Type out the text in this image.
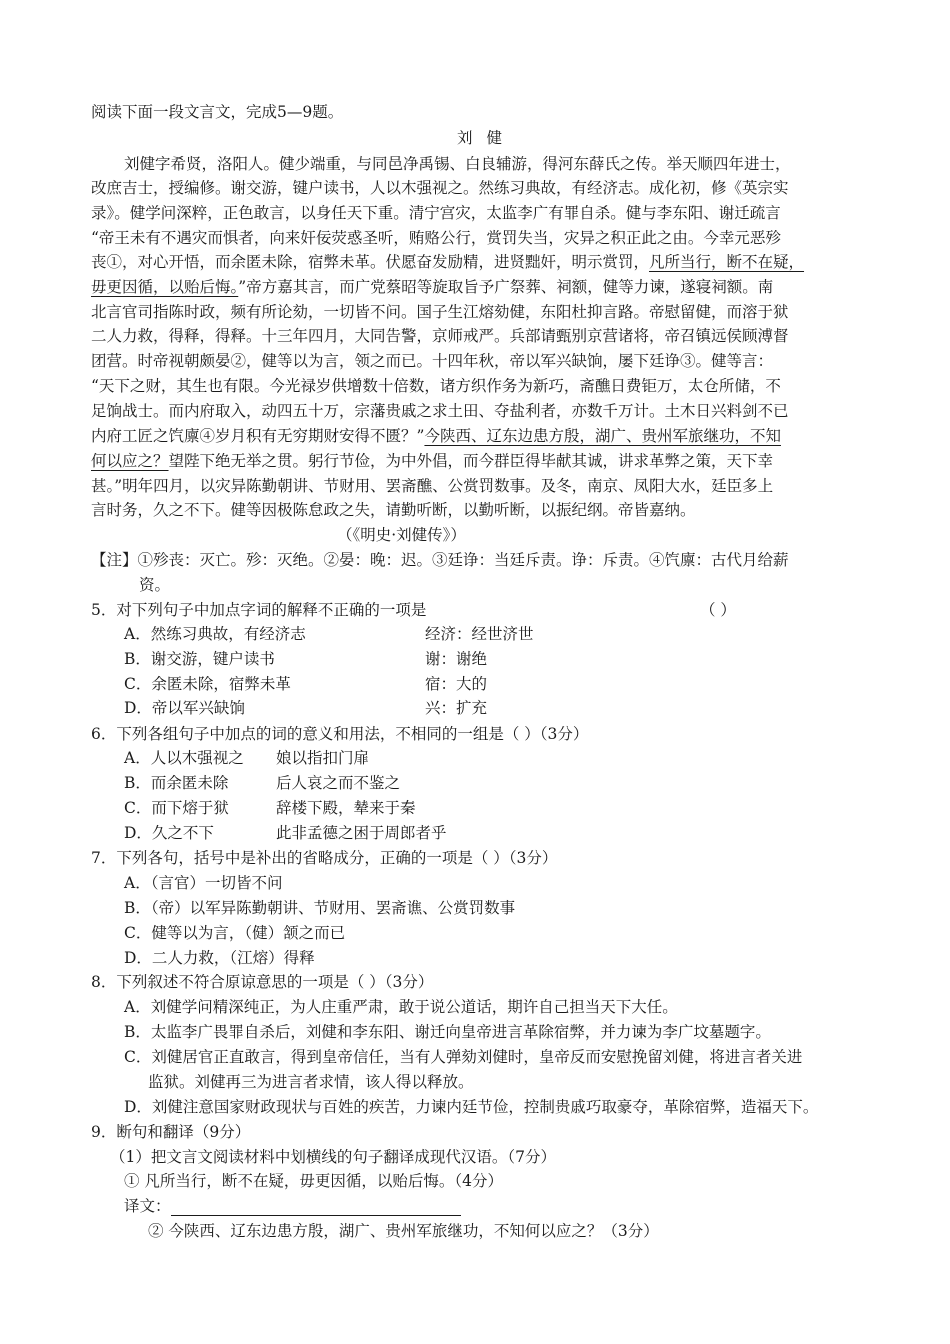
阅读下面一段文言文，完成5—9题。
刘健
刘健字希贤，洛阳人。健少端重，与同邑净禹锡、白良辅游，得河东薛氏之传。举天顺四年进士，
改庶吉士，授编修。谢交游，键户读书，人以木强视之。然练习典故，有经济志。成化初，修《英宗实
录》。健学问深粹，正色敢言，以身任天下重。清宁宫灾，太监李广有罪自杀。健与李东阳、谢迁疏言
“帝王未有不遇灾而惧者，向来奸佞荧惑圣听，贿赂公行，赏罚失当，灾异之积正此之由。今幸元恶殄
丧①，对心开悟，而余匿未除，宿弊未革。伏愿奋发励精，进贤黜奸，明示赏罚，凡所当行，断不在疑，
毋更因循，以贻后悔。”帝方嘉其言，而广党蔡昭等旋取旨予广祭葬、祠额，健等力谏，遂寝祠额。南
北言官司指陈时政，频有所论劾，一切皆不问。国子生江熔劾健，东阳杜抑言路。帝慰留健，而溶于狱
二人力救，得释，得释。十三年四月，大同告警，京师戒严。兵部请甄别京营诸将，帝召镇远侯顾溥督
团营。时帝视朝颇晏②，健等以为言，领之而已。十四年秋，帝以军兴缺饷，屡下廷诤③。健等言：
“天下之财，其生也有限。今光禄岁供增数十倍数，诸方织作务为新巧，斋醮日费钜万，太仓所储，不
足饷战士。而内府取入，动四五十万，宗藩贵戚之求土田、夺盐利者，亦数千万计。土木日兴料剑不已
内府工匠之饩廪④岁月积有无穷期财安得不匮？”今陕西、辽东边患方殷，湖广、贵州军旅继功，不知
何以应之？望陛下绝无举之贯。躬行节俭，为中外倡，而今群臣得毕献其诚，讲求革弊之策，天下幸
甚。”明年四月，以灾异陈勤朝讲、节财用、罢斋醮、公赏罚数事。及冬，南京、凤阳大水，廷臣多上
言时务，久之不下。健等因极陈怠政之失，请勤听断，以勤听断，以振纪纲。帝皆嘉纳。
（《明史·刘健传》）
【注】①殄丧：灭亡。殄：灭绝。②晏：晚：迟。③廷诤：当廷斥责。诤：斥责。④饩廪：古代月给薪
资。
5．对下列句子中加点字词的解释不正确的一项是	（ ）
A．然练习典故，有经济志	经济：经世济世
B．谢交游，键户读书	谢：谢绝
C．余匿未除，宿弊未革	宿：大的
D．帝以军兴缺饷	兴：扩充
6．下列各组句子中加点的词的意义和用法，不相同的一组是（ ）（3分）
A．人以木强视之 娘以指扣门扉
B．而余匿未除	后人哀之而不鉴之
C．而下熔于狱	辞楼下殿，辇来于秦
D．久之不下	此非孟德之困于周郎者乎
7．下列各句，括号中是补出的省略成分，正确的一项是（ ）（3分）
A．（言官）一切皆不问
B．（帝）以军异陈勤朝讲、节财用、罢斋谯、公赏罚数事
C．健等以为言，（健）颔之而已
D．二人力救，（江熔）得释
8．下列叙述不符合原谅意思的一项是（ ）（3分）
A．刘健学问精深纯正，为人庄重严肃，敢于说公道话，期许自己担当天下大任。
B．太监李广畏罪自杀后，刘健和李东阳、谢迁向皇帝进言革除宿弊，并力谏为李广坟墓题字。
C．刘健居官正直敢言，得到皇帝信任，当有人弹劾刘健时，皇帝反而安慰挽留刘健，将进言者关进
监狱。刘健再三为进言者求情，该人得以释放。
D．刘健注意国家财政现状与百姓的疾苦，力谏内廷节俭，控制贵戚巧取豪夺，革除宿弊，造福天下。
9．断句和翻译（9分）
（1）把文言文阅读材料中划横线的句子翻译成现代汉语。（7分）
① 凡所当行，断不在疑，毋更因循，以贻后悔。（4分）
译文：
② 今陕西、辽东边患方殷，湖广、贵州军旅继功，不知何以应之？（3分）
